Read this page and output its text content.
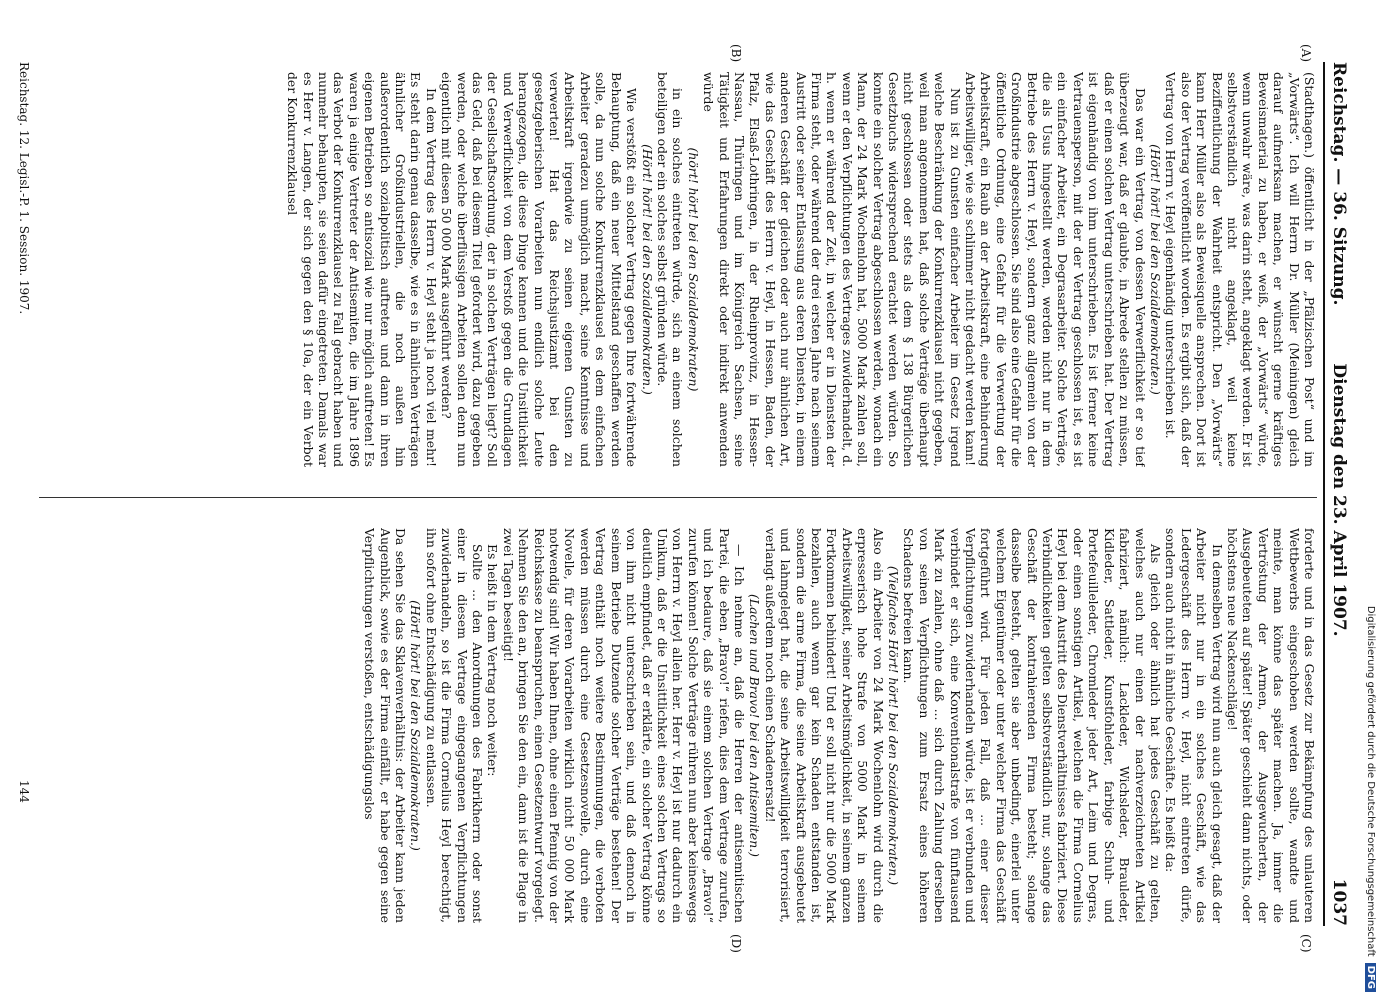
Reichstag. — 36. Sitzung.
Dienstag den 23. April 1907.
1037
(A)
(B)
(C)
(D)

(Stadthagen.) öffentlicht in der „Pfälzischen Post“ und im „Vorwärts“. Ich will Herrn Dr. Müller (Meiningen) gleich darauf aufmerksam machen, er wünscht gerne kräftiges Beweismaterial zu haben, er weiß, der „Vorwärts“ würde, wenn unwahr wäre, was darin steht, angeklagt werden. Er ist selbstverständlich nicht angeklagt, weil keine Beziffentlichung der Wahrheit entspricht. Den „Vorwärts“ kann Herr Müller also als Beweisquelle ansprechen. Dort ist also der Vertrag veröffentlicht worden. Es ergibt sich, daß der Vertrag von Herrn v. Heyl eigenhändig unterschrieben ist.

(Hört! hört! bei den Sozialdemokraten.)

Das war ein Vertrag, von dessen Verwerflichkeit er so tief überzeugt war, daß er glaubte, in Abrede stellen zu müssen, daß er einen solchen Vertrag unterschrieben hat. Der Vertrag ist eigenhändig von ihm unterschrieben. Es ist ferner keine Vertrauensperson, mit der der Vertrag geschlossen ist, es ist ein einfacher Arbeiter, ein Degrasarbeiter. Solche Verträge, die als Usus hingestellt werden, werden nicht nur in dem Betriebe des Herrn v. Heyl, sondern ganz allgemein von der Großindustrie abgeschlossen. Sie sind also eine Gefahr für die öffentliche Ordnung, eine Gefahr für die Verwertung der Arbeitskraft, ein Raub an der Arbeitskraft, eine Behinderung Arbeitswilliger, wie sie schlimmer nicht gedacht werden kann!

Nun ist zu Gunsten einfacher Arbeiter im Gesetz irgend welche Beschränkung der Konkurrenzklausel nicht gegeben, weil man angenommen hat, daß solche Verträge überhaupt nicht geschlossen oder stets als dem § 138 Bürgerlichen Gesetzbuchs widersprechend erachtet werden würden. So konnte ein solcher Vertrag abgeschlossen werden, wonach ein Mann, der 24 Mark Wochenlohn hat, 5000 Mark zahlen soll, wenn er den Verpflichtungen des Vertrages zuwiderhandelt, d. h. wenn er während der Zeit, in welcher er in Diensten der Firma steht, oder während der drei ersten Jahre nach seinem Austritt oder seiner Entlassung aus deren Diensten, in einem anderen Geschäft der gleichen oder auch nur ähnlichen Art, wie das Geschäft des Herrn v. Heyl, in Hessen, Baden, der Pfalz, Elsaß-Lothringen, in der Rheinprovinz, in Hessen-Nassau, Thüringen und im Königreich Sachsen, seine Tätigkeit und Erfahrungen direkt oder indirekt anwenden würde

(hört! hört! bei den Sozialdemokraten)

in ein solches eintreten würde, sich an einem solchen beteiligen oder ein solches selbst gründen würde.

(Hört! hört! bei den Sozialdemokraten.)

Wie verstößt ein solcher Vertrag gegen Ihre fortwährende Behauptung, daß ein neuer Mittelstand geschaffen werden solle, da nun solche Konkurrenzklausel es dem einfachen Arbeiter geradezu unmöglich macht, seine Kenntnisse und Arbeitskraft irgendwie zu seinen eigenen Gunsten zu verwerten! Hat das Reichsjustizamt bei den gesetzgeberischen Vorarbeiten nun endlich solche Leute herangezogen, die diese Dinge kennen und die Unsittlichkeit und Verwerflichkeit von dem Verstoß gegen die Grundlagen der Gesellschaftsordnung, der in solchen Verträgen liegt? Soll das Geld, daß bei diesem Titel gefordert wird, dazu gegeben werden, oder welche überflüssigen Arbeiten sollen denn nun eigentlich mit diesen 50 000 Mark ausgeführt werden?

In dem Vertrag des Herrn v. Heyl steht ja noch viel mehr! Es steht darin genau dasselbe, wie es in ähnlichen Verträgen ähnlicher Großindustriellen, die noch außen hin außerordentlich sozialpolitisch auftreten und dann in ihren eigenen Betrieben so antisozial wie nur möglich auftreten! Es waren ja einige Vertreter der Antisemiten, die im Jahre 1896 das Verbot der Konkurrenzklausel zu Fall gebracht haben und nunmehr behaupten, sie seien dafür eingetreten. Damals war es Herr v. Langen, der sich gegen den § 10a, der ein Verbot der Konkurrenzklausel

forderte und in das Gesetz zur Bekämpfung des unlauteren Wettbewerbs eingeschoben werden sollte, wandte und meinte, man könne das später machen. Ja, immer die Vertröstung der Armen, der Ausgewucherten, der Ausgebeuteten auf später! Später geschieht dann nichts, oder höchstens neue Nackenschläge!

In demselben Vertrag wird nun auch gleich gesagt, daß der Arbeiter nicht nur in ein solches Geschäft, wie das Ledergeschäft des Herrn v. Heyl, nicht eintreten dürfe, sondern auch nicht in ähnliche Geschäfte. Es heißt da:

Als gleich oder ähnlich hat jedes Geschäft zu gelten, welches auch nur einen der nachverzeichneten Artikel fabriziert, nämlich: Lackleder, Wichsleder, Brauleder, Kidleder, Sattleder, Kunstfohleder, farbige Schuh- und Portefeuilleleder, Chromleder jeder Art, Leim und Degras, oder einen sonstigen Artikel, welchen die Firma Cornelius Heyl bei dem Austritt des Dienstverhältnisses fabriziert. Diese Verbindlichkeiten gelten selbstverständlich nur, solange das Geschäft der kontrahierenden Firma besteht; solange dasselbe besteht, gelten sie aber unbedingt, einerlei unter welchem Eigentümer oder unter welcher Firma das Geschäft fortgeführt wird. Für jeden Fall, daß ... einer dieser Verpflichtungen zuwiderhandeln würde, ist er verbunden und verbindet er sich, eine Konventionalstrafe von fünftausend Mark zu zahlen, ohne daß ... sich durch Zahlung derselben von seinen Verpflichtungen zum Ersatz eines höheren Schadens befreien kann.

(Vielfaches Hört! hört! bei den Sozialdemokraten.)

Also ein Arbeiter von 24 Mark Wochenlohn wird durch die erpresserisch hohe Strafe von 5000 Mark in seinem Arbeitswilligkeit, seiner Arbeitsmöglichkeit, in seinem ganzen Fortkommen behindert! Und er soll nicht nur die 5000 Mark bezahlen, auch wenn gar kein Schaden entstanden ist, sondern die arme Firma, die seine Arbeitskraft ausgebeutet und lahmgelegt hat, die seine Arbeitswilligkeit terrorisiert, verlangt außerdem noch einen Schadenersatz!

(Lachen und Bravo! bei den Antisemiten.)

— Ich nehme an, daß die Herren der antisemitischen Partei, die eben „Bravo!“ riefen, dies dem Vertrage zurufen, und ich bedaure, daß sie einem solchen Vertrage „Bravo!“ zurufen können! Solche Verträge rühren nun aber keineswegs von Herrn v. Heyl allein her. Herr v. Heyl ist nur dadurch ein Unikum, daß er die Unsittlichkeit eines solchen Vertrags so deutlich empfindet, daß er erklärte, ein solcher Vertrag könne von ihm nicht unterschrieben sein, und daß dennoch in seinem Betriebe Dutzende solcher Verträge bestehen! Der Vertrag enthält noch weitere Bestimmungen, die verboten werden müssen durch eine Gesetzesnovelle, durch eine Novelle, für deren Vorarbeiten wirklich nicht 50 000 Mark notwendig sind! Wir haben Ihnen, ohne einen Pfennig von der Reichskasse zu beanspruchen, einen Gesetzentwurf vorgelegt. Nehmen Sie den an, bringen Sie den ein, dann ist die Plage in zwei Tagen beseitigt!

Es heißt in dem Vertrag noch weiter:

Sollte ... den Anordnungen des Fabrikherrn oder sonst einer in diesem Vertrage eingegangenen Verpflichtungen zuwiderhandeln, so ist die Firma Cornelius Heyl berechtigt, ihn sofort ohne Entschädigung zu entlassen.

(Hört! hört! bei den Sozialdemokraten.)

Da sehen Sie das Sklavenverhältnis: der Arbeiter kann jeden Augenblick, sowie es der Firma einfällt, er habe gegen seine Verpflichtungen verstoßen, entschädigungslos

Reichstag. 12. Legisl.-P. 1. Session. 1907.
144	Digitalisierung gefördert durch die Deutsche ForschungsgemeinschaftDFG
